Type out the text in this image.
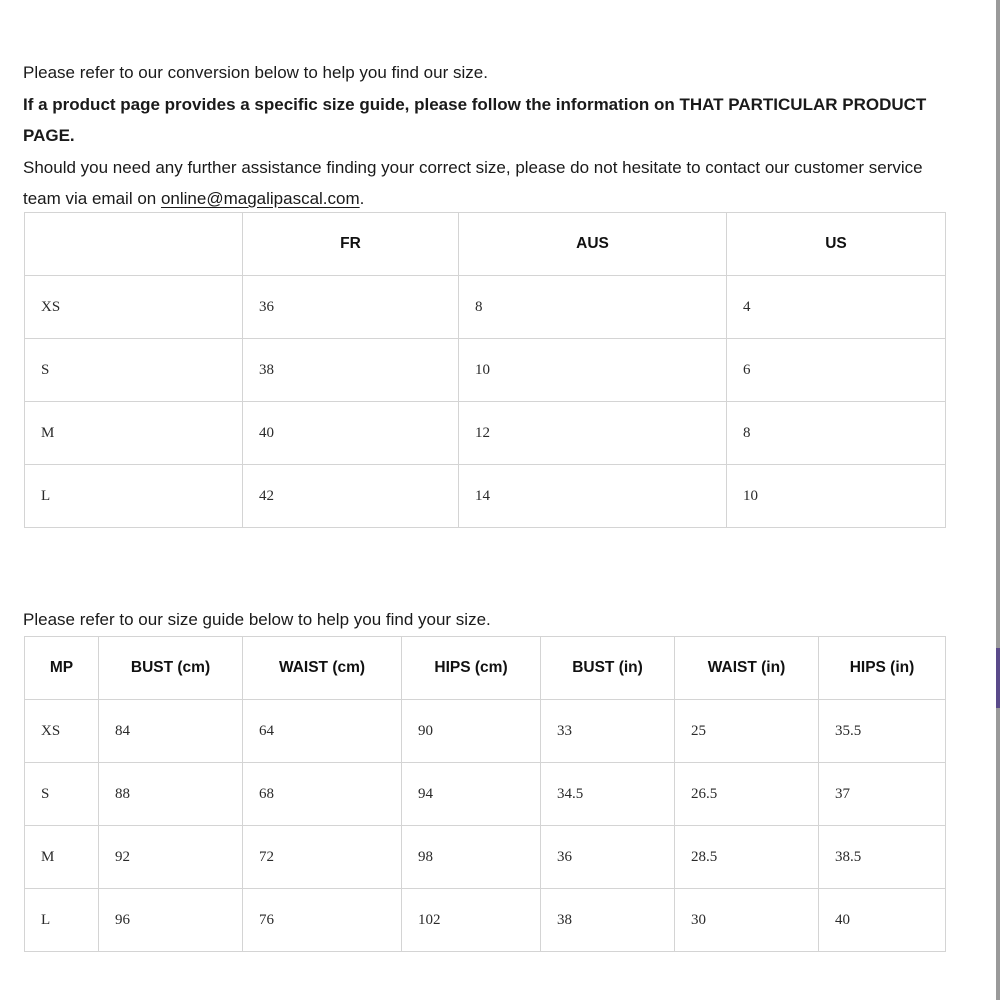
Please refer to our conversion below to help you find our size.

If a product page provides a specific size guide, please follow the information on THAT PARTICULAR PRODUCT PAGE.

Should you need any further assistance finding your correct size, please do not hesitate to contact our customer service team via email on online@magalipascal.com.

	FR	AUS	US
XS	36	8	4
S	38	10	6
M	40	12	8
L	42	14	10

Please refer to our size guide below to help you find your size.

MP	BUST (cm)	WAIST (cm)	HIPS (cm)	BUST (in)	WAIST (in)	HIPS (in)
XS	84	64	90	33	25	35.5
S	88	68	94	34.5	26.5	37
M	92	72	98	36	28.5	38.5
L	96	76	102	38	30	40
